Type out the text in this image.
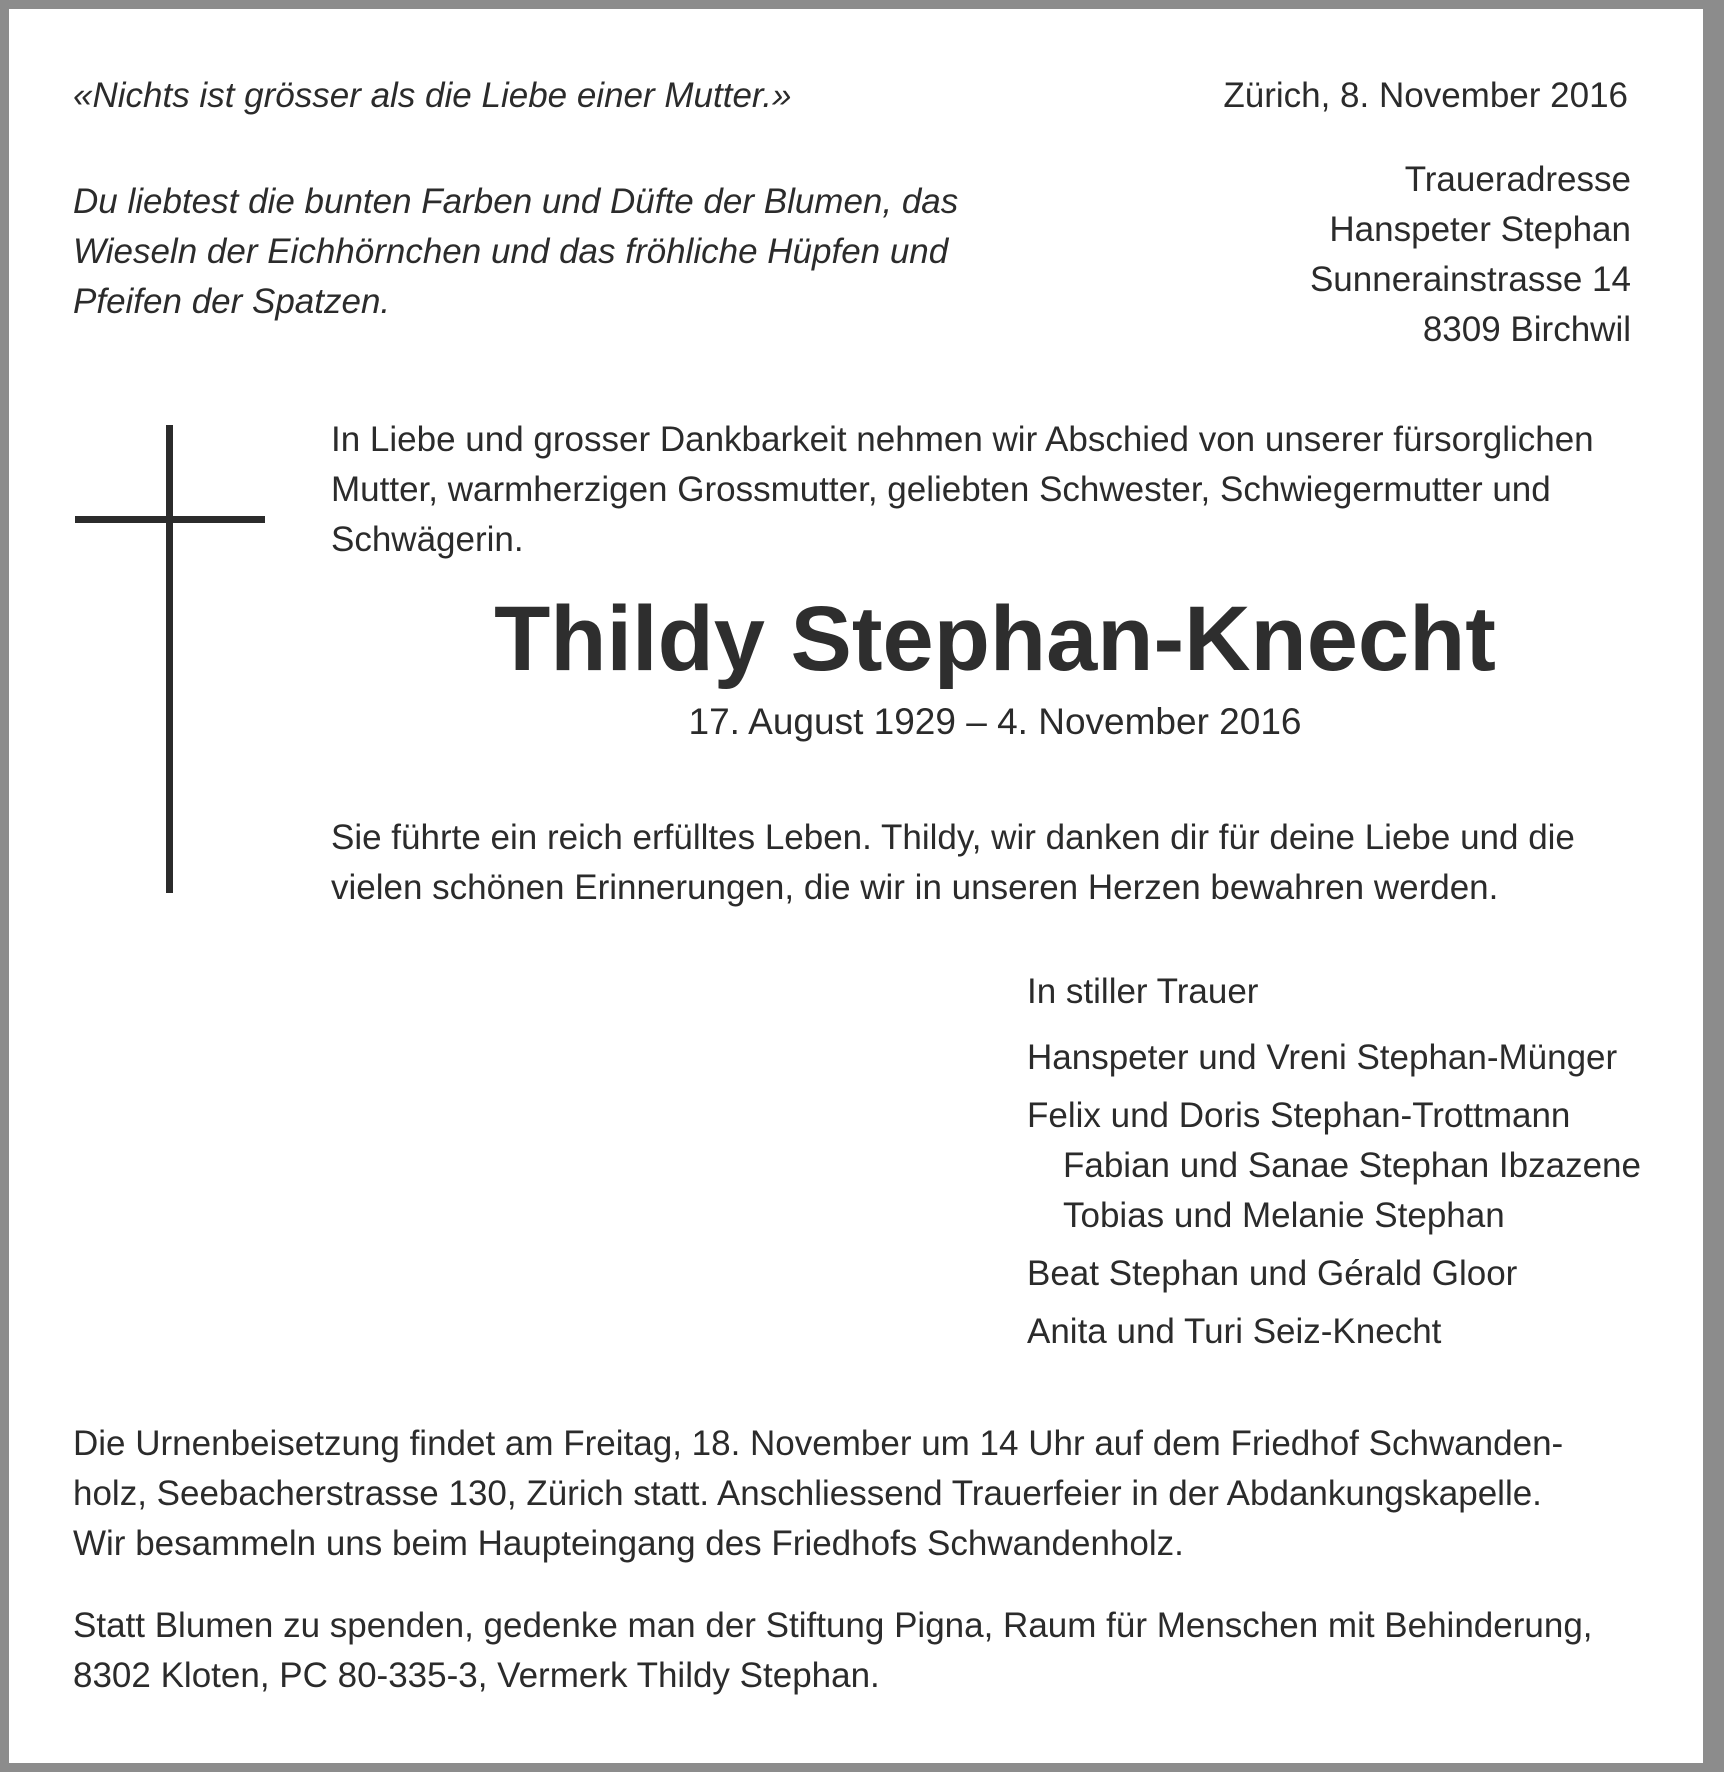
«Nichts ist grösser als die Liebe einer Mutter.»

Du liebtest die bunten Farben und Düfte der Blumen, das
Wieseln der Eichhörnchen und das fröhliche Hüpfen und
Pfeifen der Spatzen.

Zürich, 8. November 2016

Traueradresse
Hanspeter Stephan
Sunnerainstrasse 14
8309 Birchwil
In Liebe und grosser Dankbarkeit nehmen wir Abschied von unserer fürsorglichen
Mutter, warmherzigen Grossmutter, geliebten Schwester, Schwiegermutter und
Schwägerin.
Thildy Stephan-Knecht

17. August 1929 – 4. November 2016

Sie führte ein reich erfülltes Leben. Thildy, wir danken dir für deine Liebe und die
vielen schönen Erinnerungen, die wir in unseren Herzen bewahren werden.
In stiller Trauer
Hanspeter und Vreni Stephan-Münger
Felix und Doris Stephan-Trottmann
Fabian und Sanae Stephan Ibzazene
Tobias und Melanie Stephan
Beat Stephan und Gérald Gloor
Anita und Turi Seiz-Knecht
Die Urnenbeisetzung findet am Freitag, 18. November um 14 Uhr auf dem Friedhof Schwanden-
holz, Seebacherstrasse 130, Zürich statt. Anschliessend Trauerfeier in der Abdankungskapelle.
Wir besammeln uns beim Haupteingang des Friedhofs Schwandenholz.
Statt Blumen zu spenden, gedenke man der Stiftung Pigna, Raum für Menschen mit Behinderung,
8302 Kloten, PC 80-335-3, Vermerk Thildy Stephan.
